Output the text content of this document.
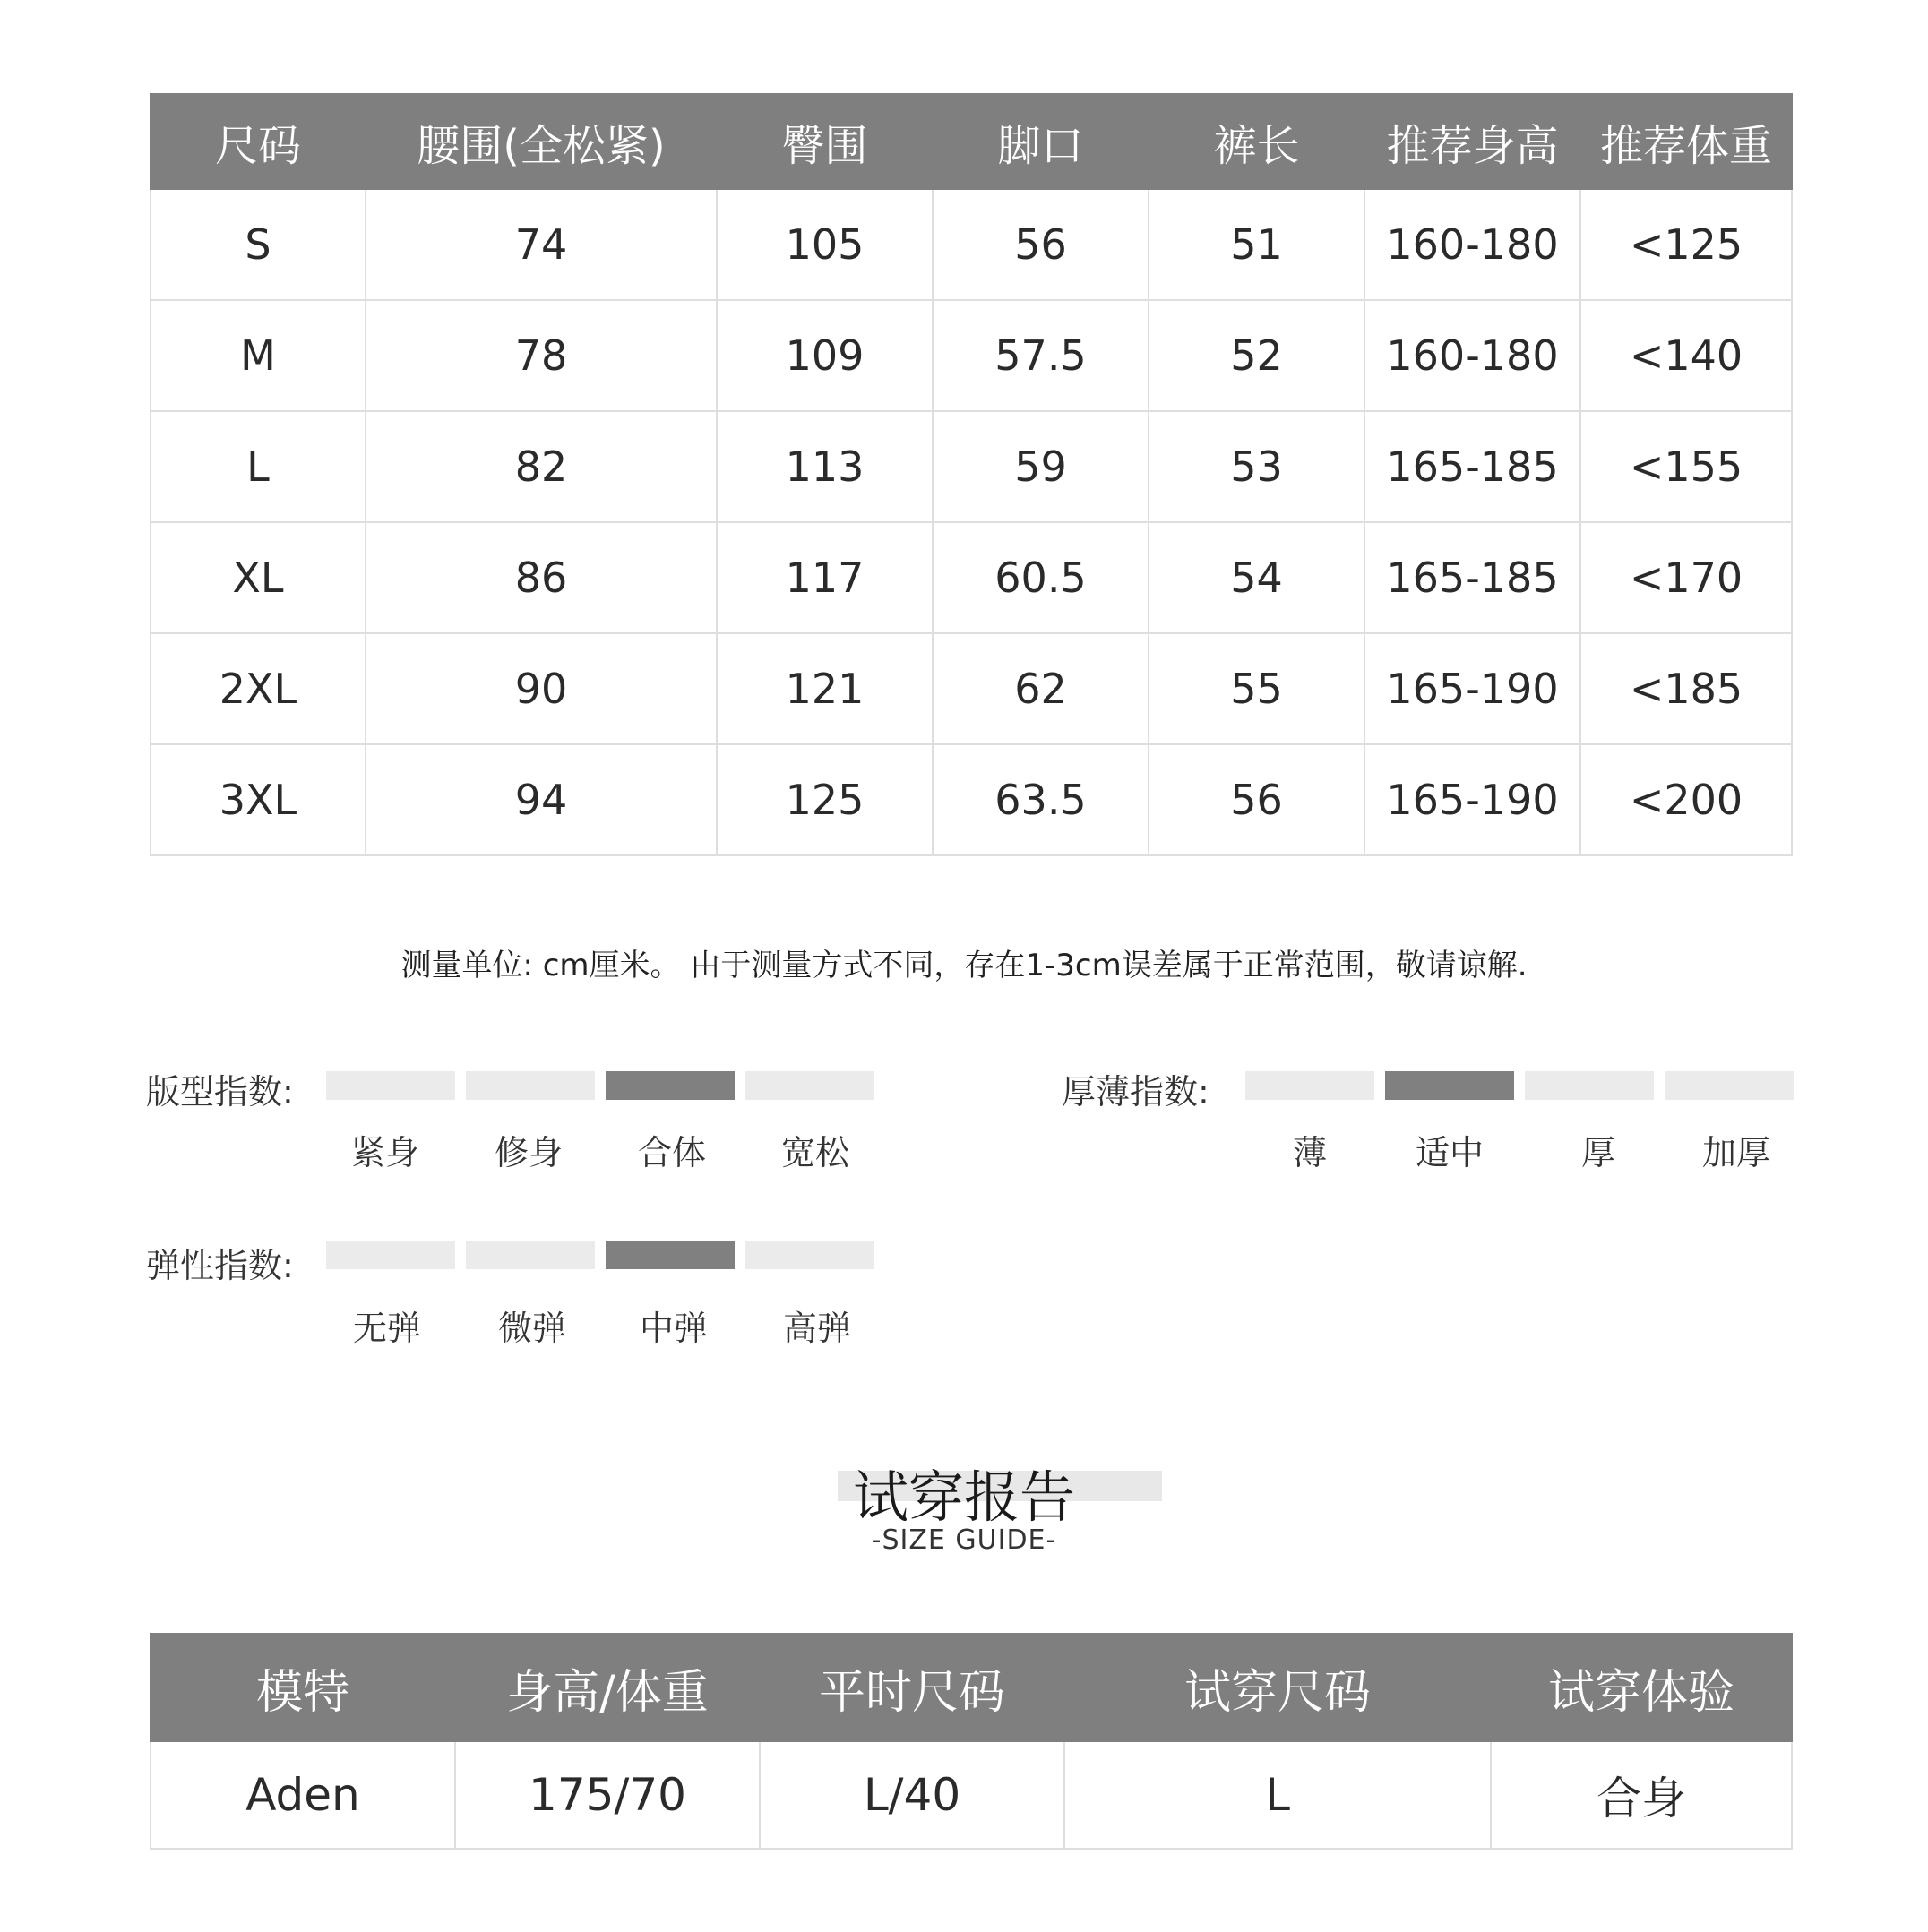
尺码	腰围(全松紧)	臀围	脚口	裤长	推荐身高	推荐体重
S	74	105	56	51	160-180	<125
M	78	109	57.5	52	160-180	<140
L	82	113	59	53	165-185	<155
XL	86	117	60.5	54	165-185	<170
2XL	90	121	62	55	165-190	<185
3XL	94	125	63.5	56	165-190	<200
测量单位: cm厘米。 由于测量方式不同，存在1-3cm误差属于正常范围，敬请谅解.
版型指数:
紧身	修身	合体	宽松
厚薄指数:
薄	适中	厚	加厚
弹性指数:
无弹	微弹	中弹	高弹
试穿报告
-SIZE GUIDE-
模特	身高/体重	平时尺码	试穿尺码	试穿体验
Aden	175/70	L/40	L	合身
